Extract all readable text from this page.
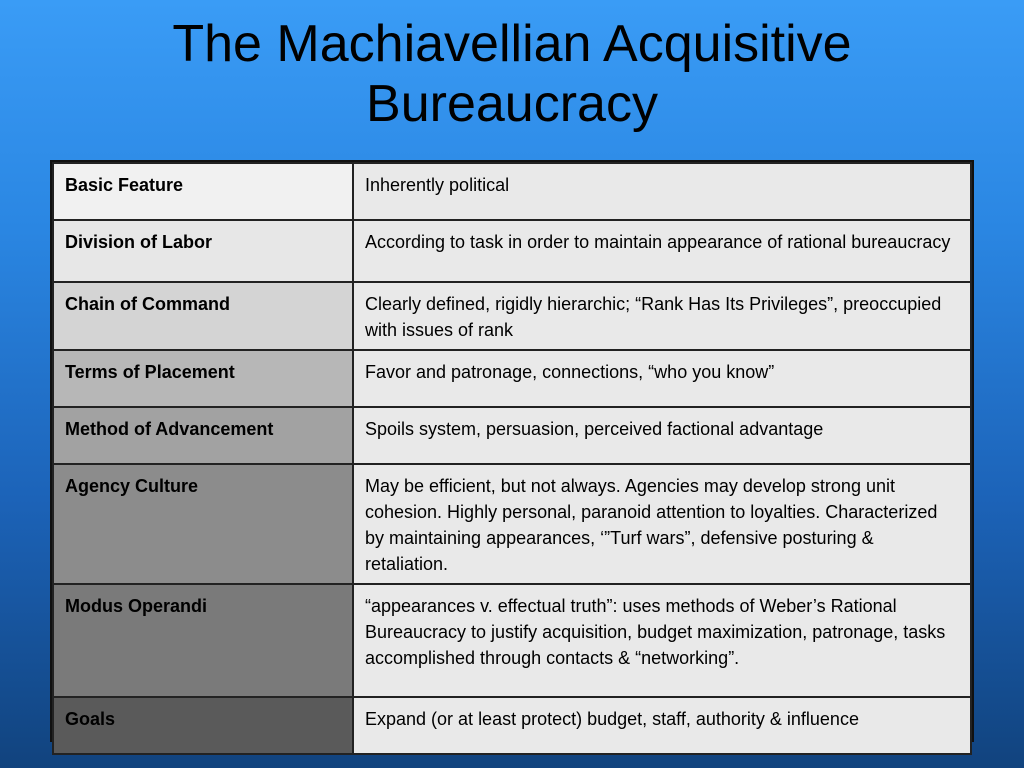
The Machiavellian Acquisitive
Bureaucracy
Basic Feature	Inherently political
Division of Labor	According to task in order to maintain appearance of rational bureaucracy
Chain of Command	Clearly defined, rigidly hierarchic; “Rank Has Its Privileges”, preoccupied with issues of rank
Terms of Placement	Favor and patronage, connections, “who you know”
Method of Advancement	Spoils system, persuasion, perceived factional advantage
Agency Culture	May be efficient, but not always. Agencies may develop strong unit cohesion. Highly personal, paranoid attention to loyalties. Characterized by maintaining appearances, ‘”Turf wars”, defensive posturing & retaliation.
Modus Operandi	“appearances v. effectual truth”: uses methods of Weber’s Rational Bureaucracy to justify acquisition, budget maximization, patronage, tasks accomplished through contacts & “networking”.
Goals	Expand (or at least protect) budget, staff, authority & influence
